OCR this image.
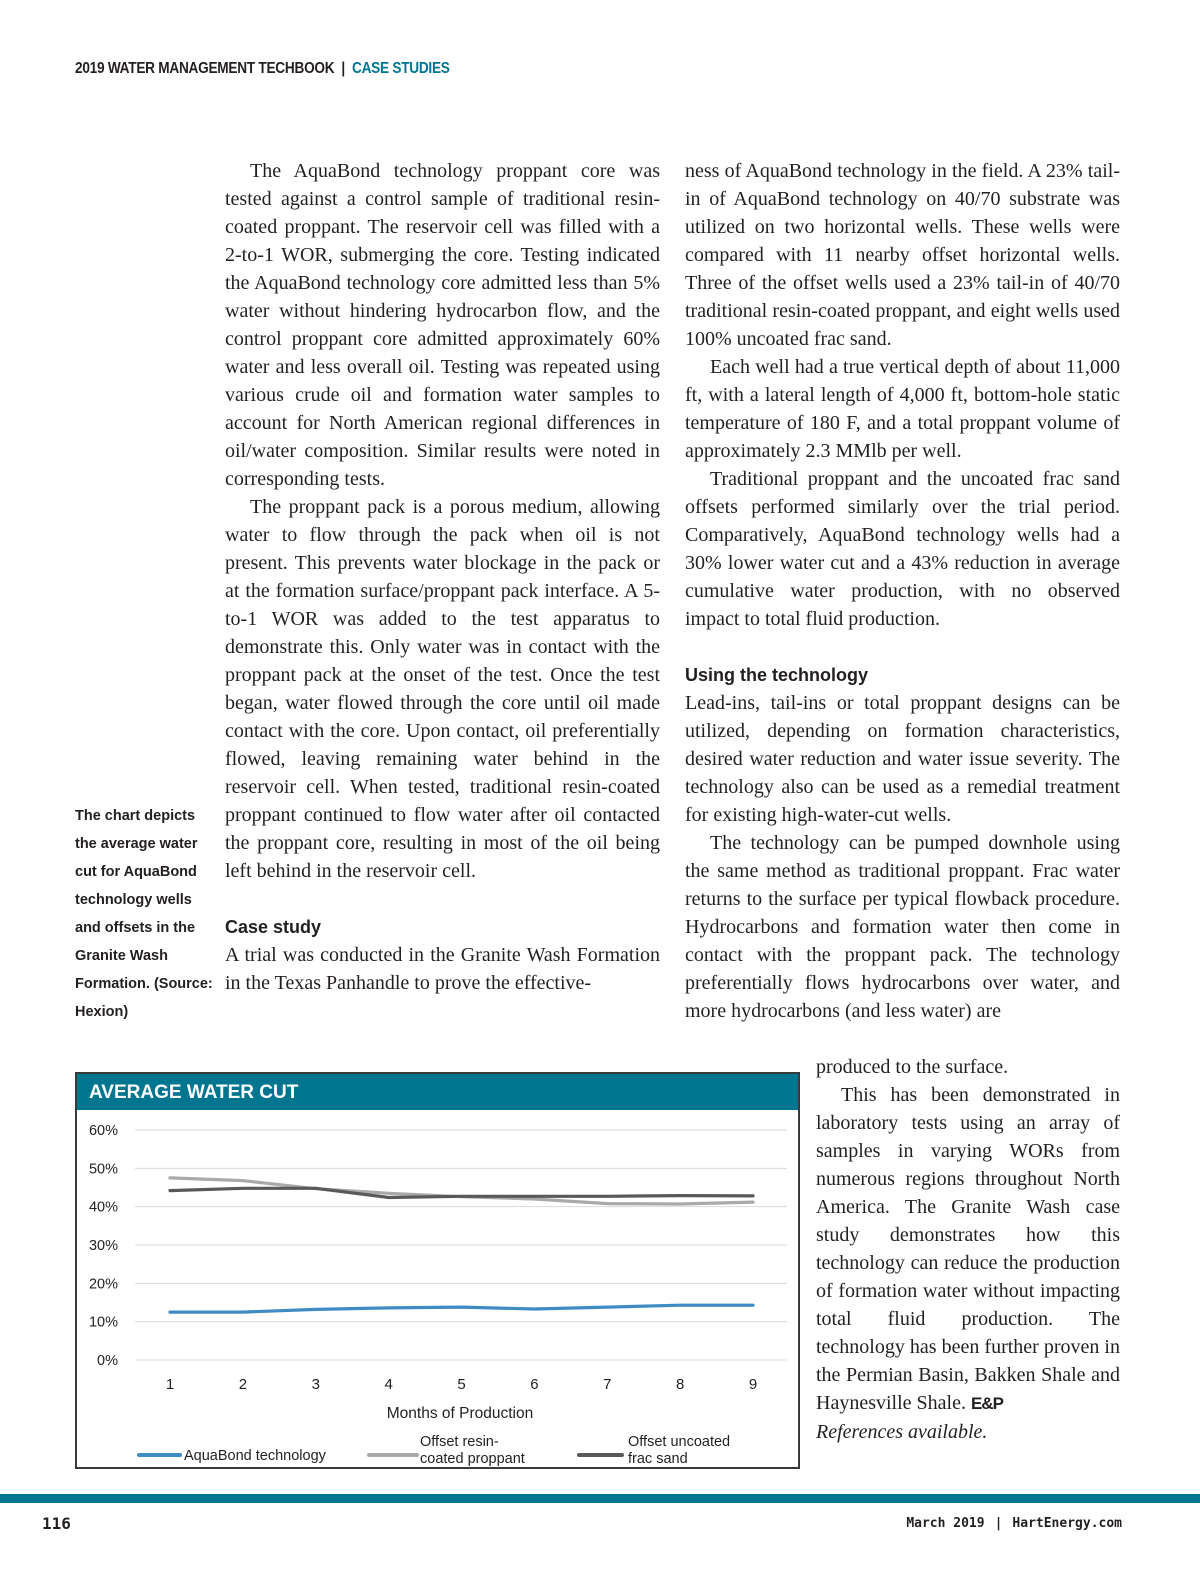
2019 WATER MANAGEMENT TECHBOOK | CASE STUDIES

The AquaBond technology proppant core was tested against a control sample of traditional resin-coated proppant. The reservoir cell was filled with a 2-to-1 WOR, submerging the core. Testing indicated the AquaBond technology core admitted less than 5% water without hindering hydrocarbon flow, and the control proppant core admitted approximately 60% water and less overall oil. Testing was repeated using various crude oil and formation water samples to account for North American regional differences in oil/water composition. Similar results were noted in corresponding tests.

The proppant pack is a porous medium, allowing water to flow through the pack when oil is not present. This prevents water blockage in the pack or at the formation surface/proppant pack interface. A 5-to-1 WOR was added to the test apparatus to demonstrate this. Only water was in contact with the proppant pack at the onset of the test. Once the test began, water flowed through the core until oil made contact with the core. Upon contact, oil preferentially flowed, leaving remaining water behind in the reservoir cell. When tested, traditional resin-coated proppant continued to flow water after oil contacted the proppant core, resulting in most of the oil being left behind in the reservoir cell.

Case study

A trial was conducted in the Granite Wash Formation in the Texas Panhandle to prove the effective-

ness of AquaBond technology in the field. A 23% tail-in of AquaBond technology on 40/70 substrate was utilized on two horizontal wells. These wells were compared with 11 nearby offset horizontal wells. Three of the offset wells used a 23% tail-in of 40/70 traditional resin-coated proppant, and eight wells used 100% uncoated frac sand.

Each well had a true vertical depth of about 11,000 ft, with a lateral length of 4,000 ft, bottom-hole static temperature of 180 F, and a total proppant volume of approximately 2.3 MMlb per well.

Traditional proppant and the uncoated frac sand offsets performed similarly over the trial period. Comparatively, AquaBond technology wells had a 30% lower water cut and a 43% reduction in average cumulative water production, with no observed impact to total fluid production.

Using the technology

Lead-ins, tail-ins or total proppant designs can be utilized, depending on formation characteristics, desired water reduction and water issue severity. The technology also can be used as a remedial treatment for existing high-water-cut wells.

The technology can be pumped downhole using the same method as traditional proppant. Frac water returns to the surface per typical flowback procedure. Hydrocarbons and formation water then come in contact with the proppant pack. The technology preferentially flows hydrocarbons over water, and more hydrocarbons (and less water) are

produced to the surface.

This has been demonstrated in laboratory tests using an array of samples in varying WORs from numerous regions throughout North America. The Granite Wash case study demonstrates how this technology can reduce the production of formation water without impacting total fluid production. The technology has been further proven in the Permian Basin, Bakken Shale and Haynesville Shale. E&P

References available.

The chart depicts the average water cut for AquaBond technology wells and offsets in the Granite Wash Formation. (Source: Hexion)
AVERAGE WATER CUT
0%
10%
20%
30%
40%
50%
60%
1	2	3	4	5	6	7	8	9
Months of Production
AquaBond technology
Offset resin-
coated proppant
Offset uncoated
frac sand
116	March 2019 | HartEnergy.com
